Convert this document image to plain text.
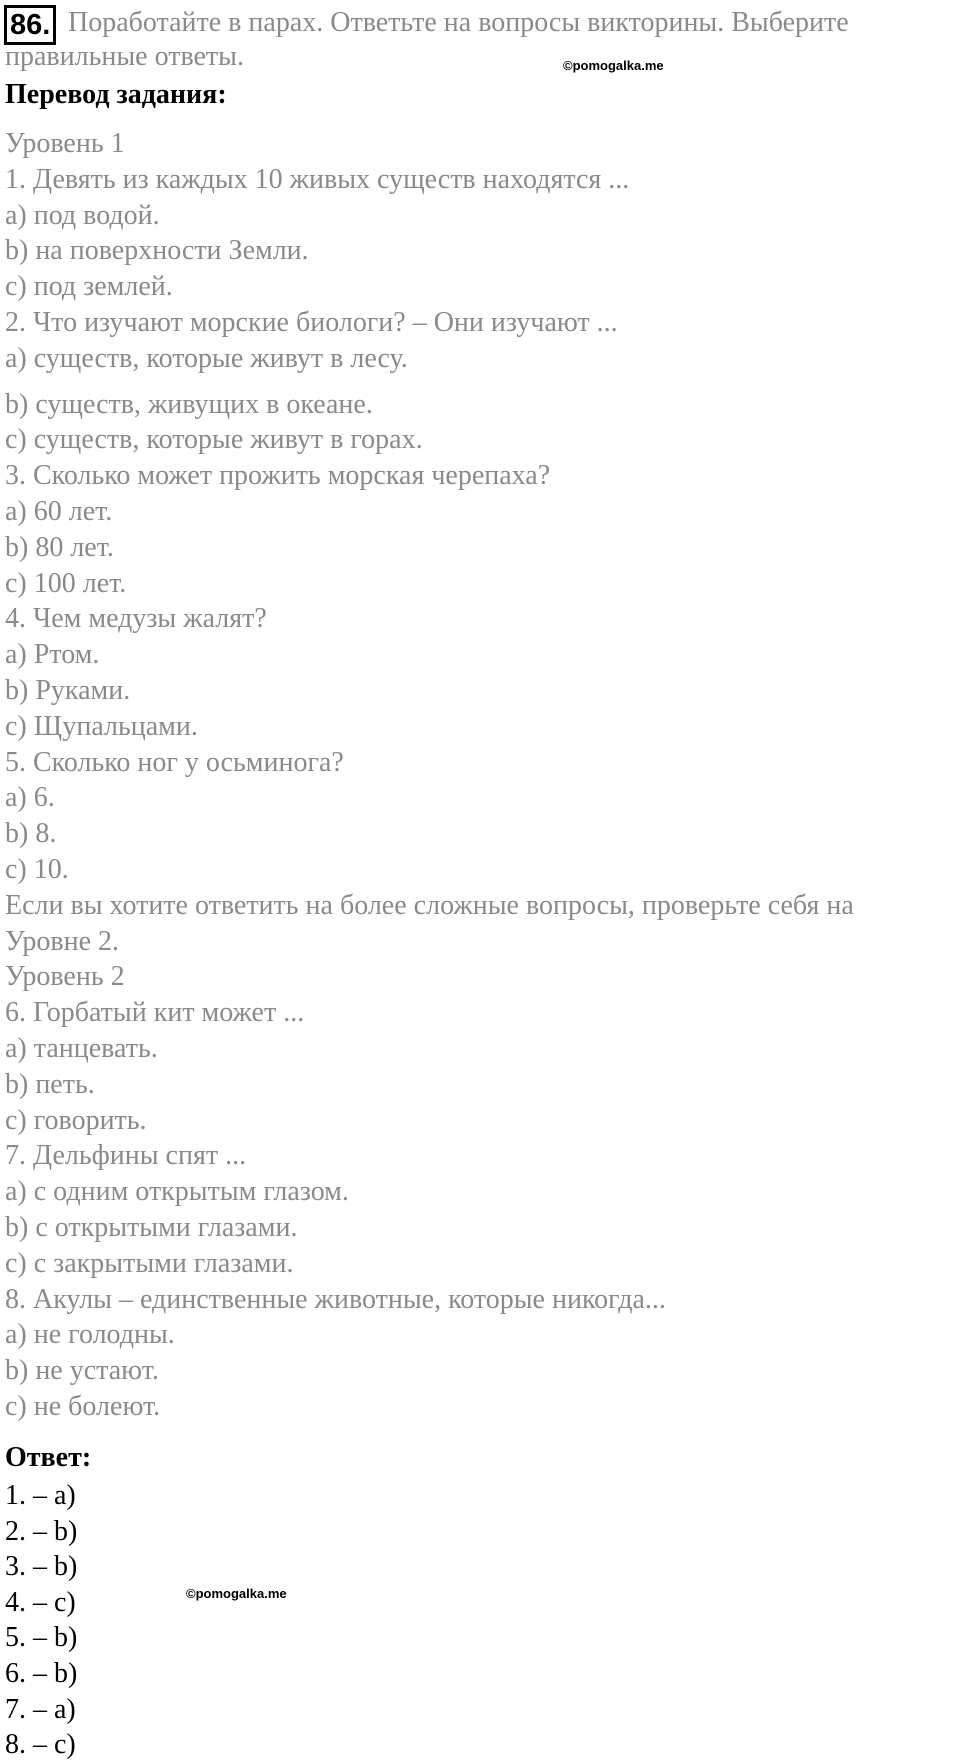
86. Поработайте в парах. Ответьте на вопросы викторины. Выберите
правильные ответы.	©pomogalka.me
Перевод задания:
Уровень 1
1. Девять из каждых 10 живых существ находятся ...
a) под водой.
b) на поверхности Земли.
c) под землей.
2. Что изучают морские биологи? – Они изучают ...
a) существ, которые живут в лесу.
b) существ, живущих в океане.
c) существ, которые живут в горах.
3. Сколько может прожить морская черепаха?
a) 60 лет.
b) 80 лет.
c) 100 лет.
4. Чем медузы жалят?
a) Ртом.
b) Руками.
c) Щупальцами.
5. Сколько ног у осьминога?
a) 6.
b) 8.
c) 10.
Если вы хотите ответить на более сложные вопросы, проверьте себя на
Уровне 2.
Уровень 2
6. Горбатый кит может ...
a) танцевать.
b) петь.
c) говорить.
7. Дельфины спят ...
a) с одним открытым глазом.
b) с открытыми глазами.
c) с закрытыми глазами.
8. Акулы – единственные животные, которые никогда...
a) не голодны.
b) не устают.
c) не болеют.
Ответ:
1. – a)
2. – b)
3. – b)
4. – c)
5. – b)
6. – b)
7. – a)
8. – c)
©pomogalka.me
